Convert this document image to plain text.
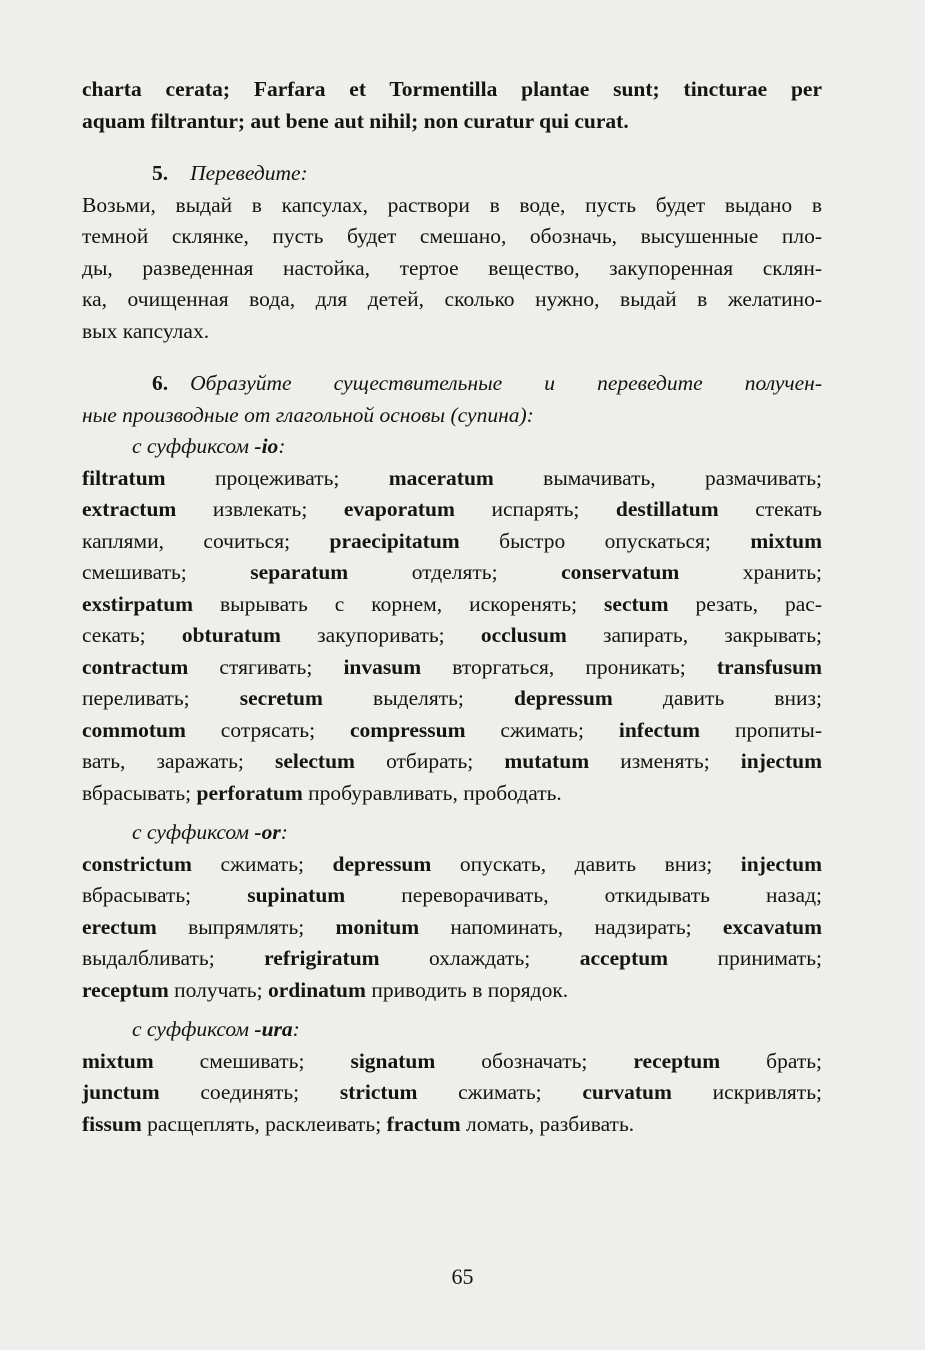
charta cerata; Farfara et Tormentilla plantae sunt; tincturae per
aquam filtrantur; aut bene aut nihil; non curatur qui curat.
5. Переведите:
Возьми, выдай в капсулах, раствори в воде, пусть будет выдано в
темной склянке, пусть будет смешано, обозначь, высушенные пло-
ды, разведенная настойка, тертое вещество, закупоренная склян-
ка, очищенная вода, для детей, сколько нужно, выдай в желатино-
вых капсулах.
6. Образуйте существительные и переведите получен-
ные производные от глагольной основы (супина):
с суффиксом -io:
filtratum процеживать; maceratum вымачивать, размачивать;
extractum извлекать; evaporatum испарять; destillatum стекать
каплями, сочиться; praecipitatum быстро опускаться; mixtum
смешивать; separatum отделять; conservatum хранить;
exstirpatum вырывать с корнем, искоренять; sectum резать, рас-
секать; obturatum закупоривать; occlusum запирать, закрывать;
contractum стягивать; invasum вторгаться, проникать; transfusum
переливать; secretum выделять; depressum давить вниз;
commotum сотрясать; compressum сжимать; infectum пропиты-
вать, заражать; selectum отбирать; mutatum изменять; injectum
вбрасывать; perforatum пробуравливать, прободать.
с суффиксом -or:
constrictum сжимать; depressum опускать, давить вниз; injectum
вбрасывать; supinatum переворачивать, откидывать назад;
erectum выпрямлять; monitum напоминать, надзирать; excavatum
выдалбливать; refrigiratum охлаждать; acceptum принимать;
receptum получать; ordinatum приводить в порядок.
с суффиксом -ura:
mixtum смешивать; signatum обозначать; receptum брать;
junctum соединять; strictum сжимать; curvatum искривлять;
fissum расщеплять, расклеивать; fractum ломать, разбивать.
65
